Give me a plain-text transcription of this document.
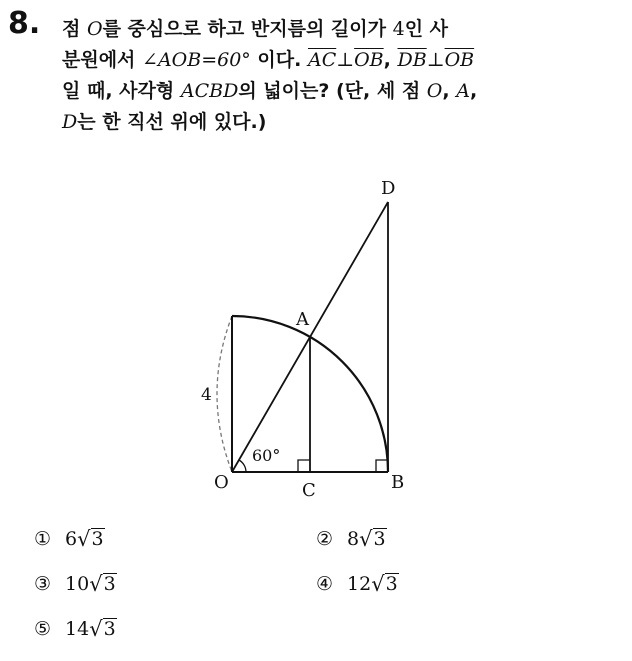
8. 점 O를 중심으로 하고 반지름의 길이가 4인 사
분원에서 ∠AOB=60° 이다. $\overline{AC}\perp\overline{OB}$, $\overline{DB}\perp\overline{OB}$
일 때, 사각형 ACBD의 넓이는? (단, 세 점 O, A,
D는 한 직선 위에 있다.)
D
A
O	C	B
60°
4
① 6 √ 3	② 8 √ 3
③ 10 √ 3	④ 12 √ 3
⑤ 14 √ 3
